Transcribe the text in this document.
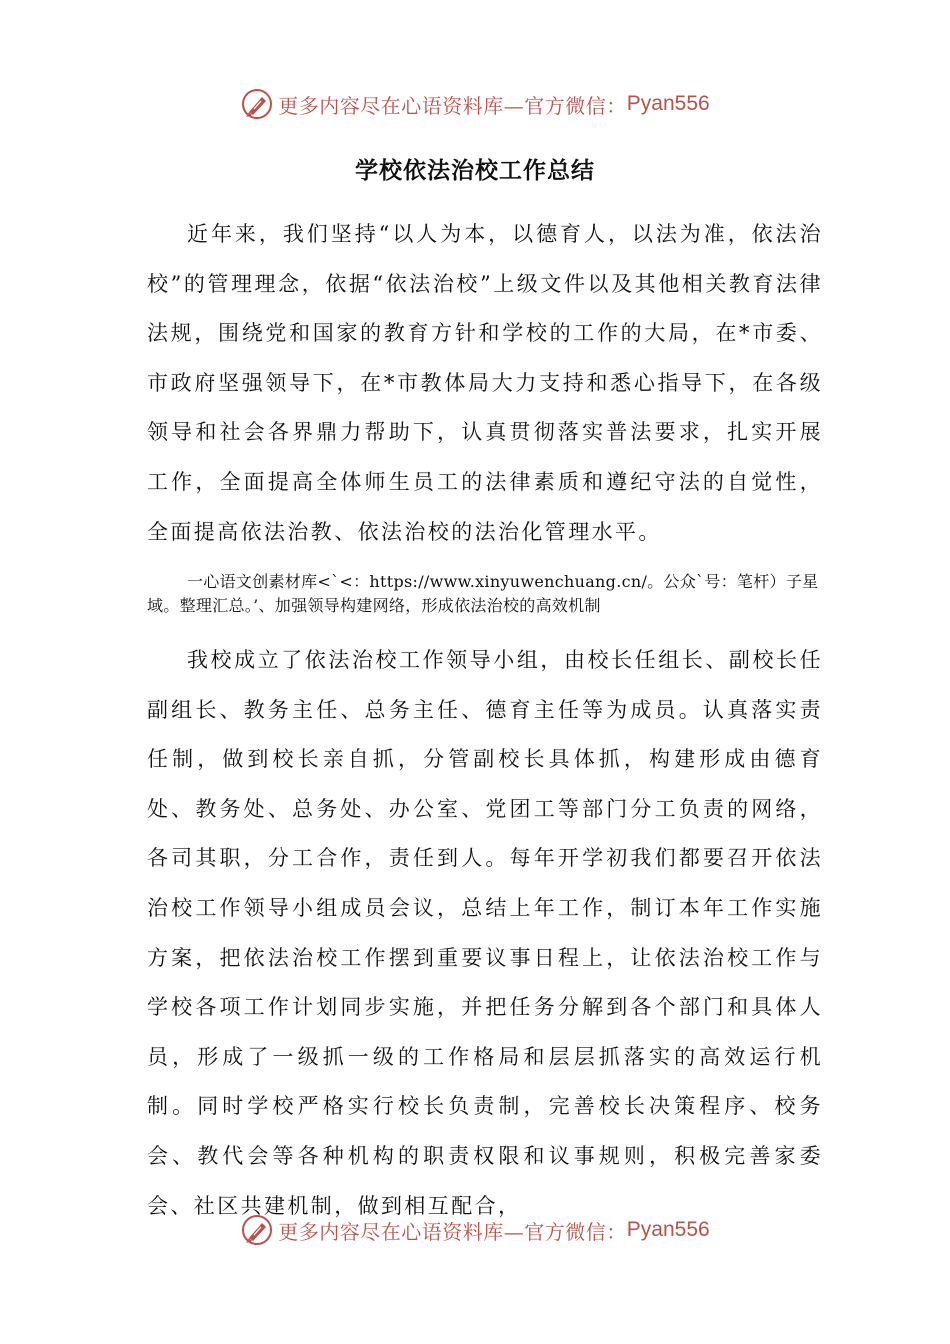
更多内容尽在心语资料库—官方微信： Pyan556
学校依法治校工作总结

近年来，我们坚持“以人为本，以德育人，以法为准，依法治校”的管理理念，依据“依法治校”上级文件以及其他相关教育法律法规，围绕党和国家的教育方针和学校的工作的大局，在*市委、市政府坚强领导下，在*市教体局大力支持和悉心指导下，在各级领导和社会各界鼎力帮助下，认真贯彻落实普法要求，扎实开展工作，全面提高全体师生员工的法律素质和遵纪守法的自觉性，全面提高依法治教、依法治校的法治化管理水平。

一心语文创素材库<`<：https://www.xinyuwenchuang.cn/。公众`号：笔杆）子星域。整理汇总。’、加强领导构建网络，形成依法治校的高效机制

我校成立了依法治校工作领导小组，由校长任组长、副校长任副组长、教务主任、总务主任、德育主任等为成员。认真落实责任制，做到校长亲自抓，分管副校长具体抓，构建形成由德育处、教务处、总务处、办公室、党团工等部门分工负责的网络，各司其职，分工合作，责任到人。每年开学初我们都要召开依法治校工作领导小组成员会议，总结上年工作，制订本年工作实施方案，把依法治校工作摆到重要议事日程上，让依法治校工作与学校各项工作计划同步实施，并把任务分解到各个部门和具体人员，形成了一级抓一级的工作格局和层层抓落实的高效运行机制。同时学校严格实行校长负责制，完善校长决策程序、校务会、教代会等各种机构的职责权限和议事规则，积极完善家委会、社区共建机制，做到相互配合，

更多内容尽在心语资料库—官方微信： Pyan556
